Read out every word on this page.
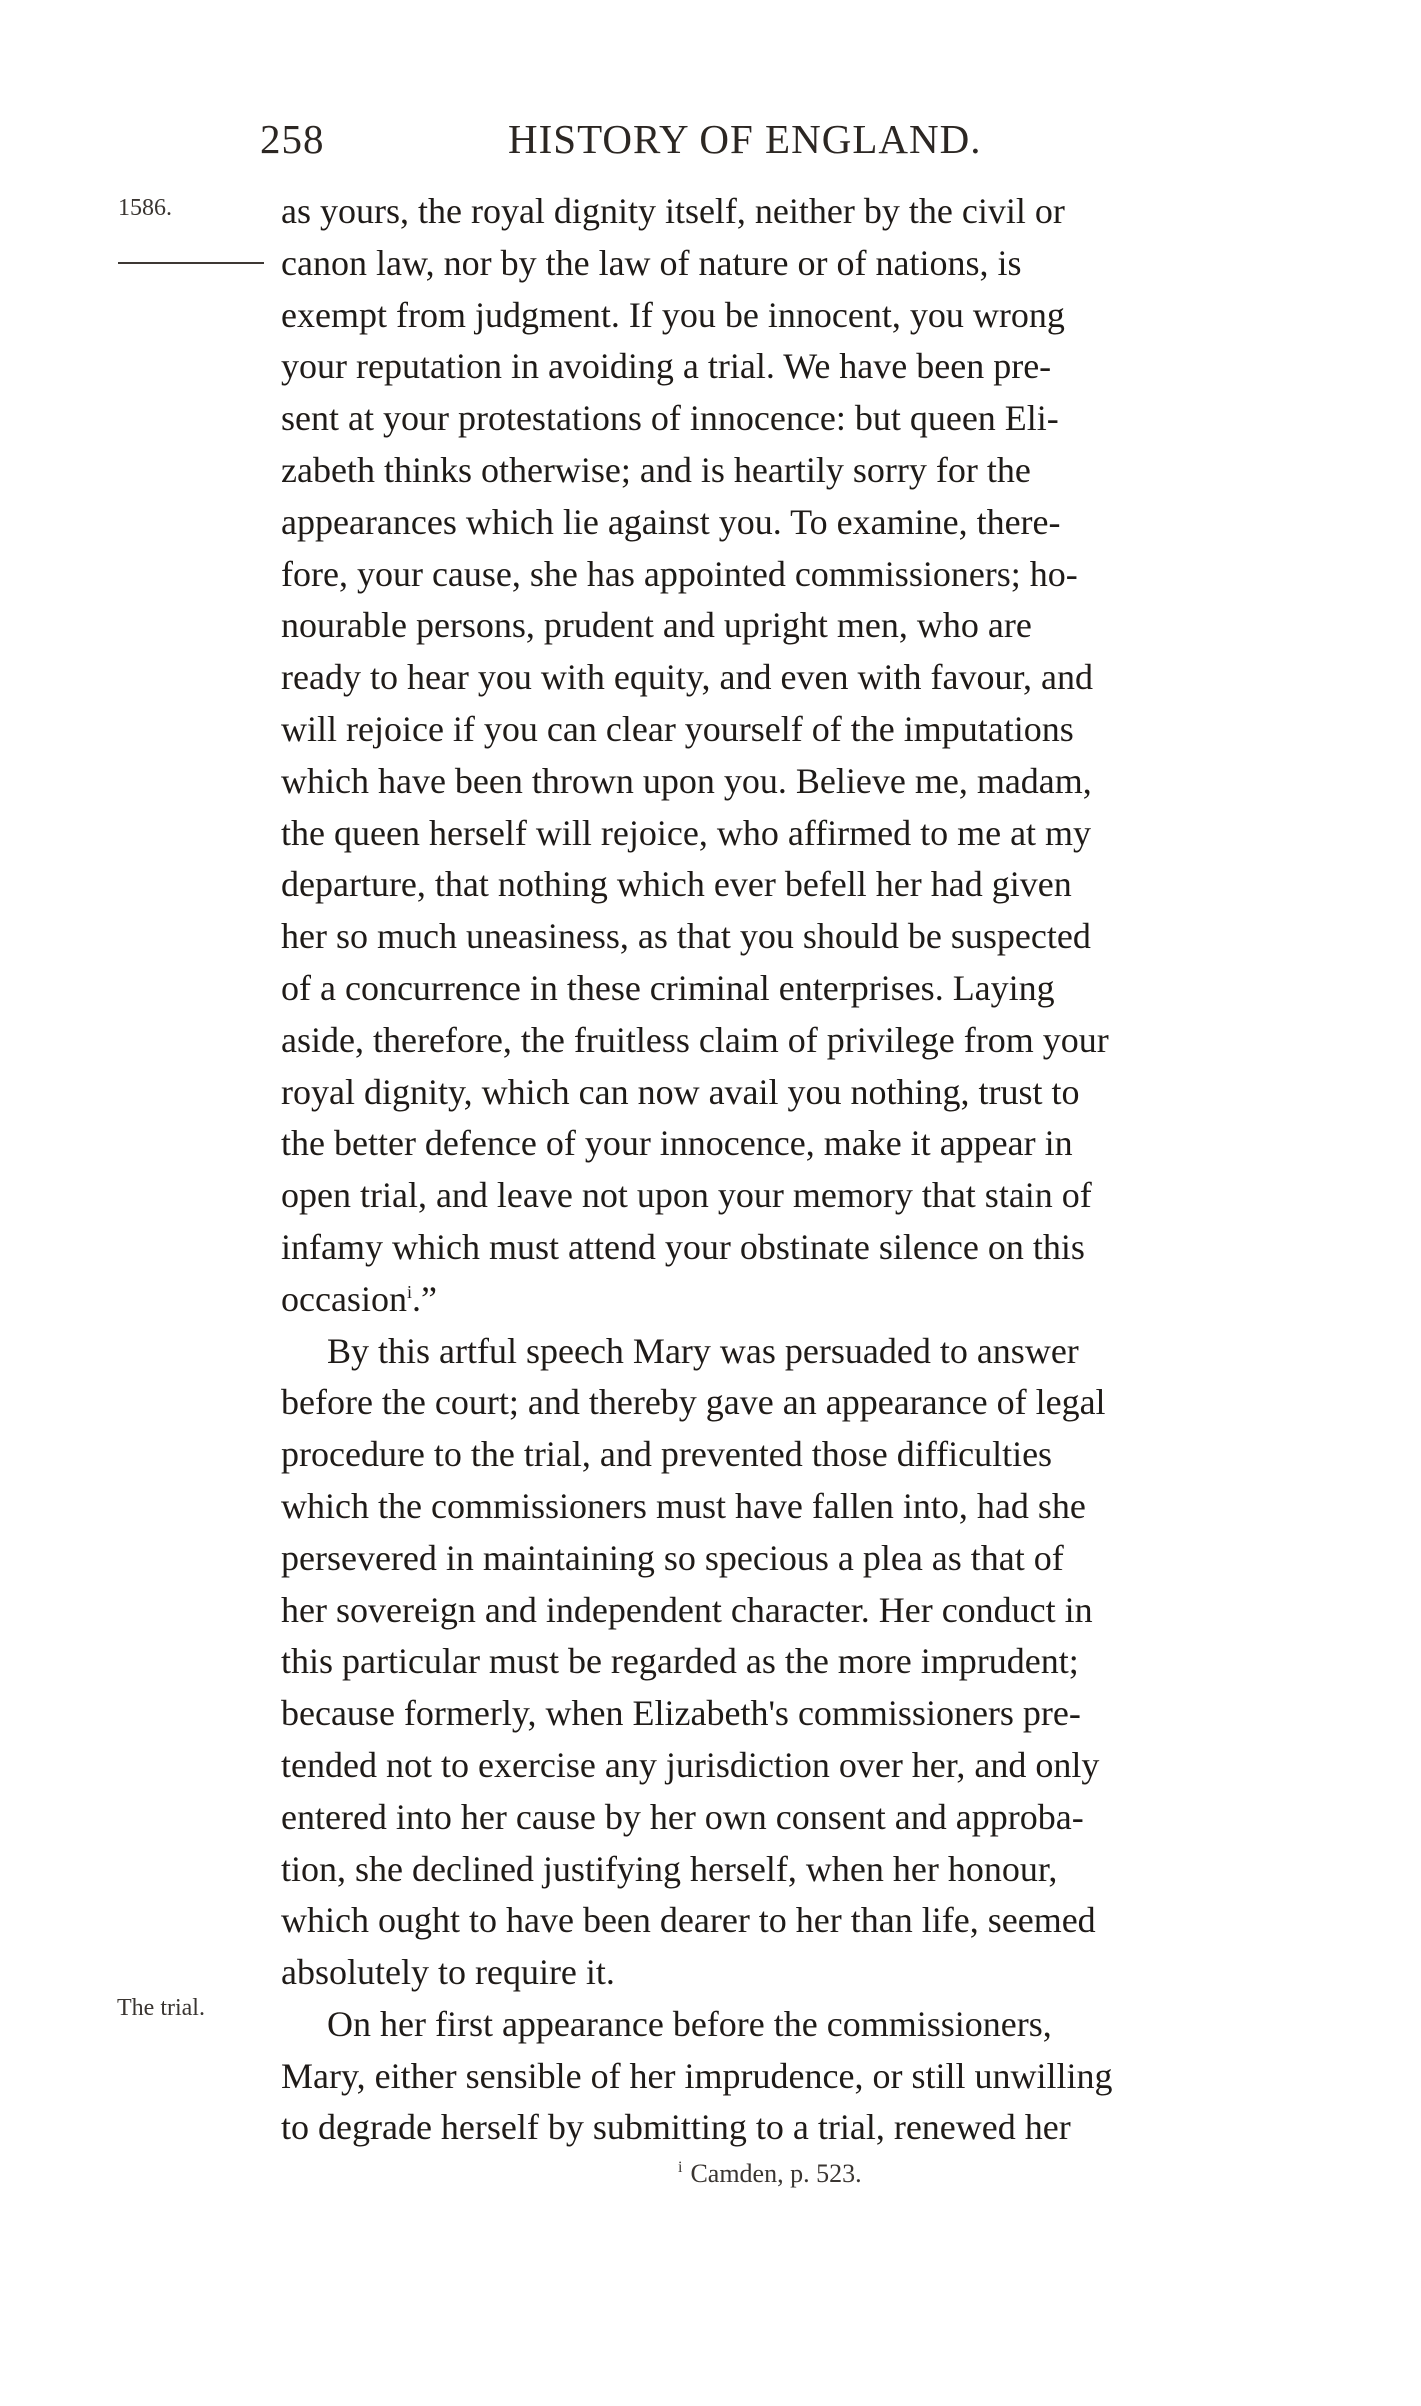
258	HISTORY OF ENGLAND.
1586.
The trial.
as yours, the royal dignity itself, neither by the civil or
canon law, nor by the law of nature or of nations, is
exempt from judgment. If you be innocent, you wrong
your reputation in avoiding a trial. We have been pre-
sent at your protestations of innocence: but queen Eli-
zabeth thinks otherwise; and is heartily sorry for the
appearances which lie against you. To examine, there-
fore, your cause, she has appointed commissioners; ho-
nourable persons, prudent and upright men, who are
ready to hear you with equity, and even with favour, and
will rejoice if you can clear yourself of the imputations
which have been thrown upon you. Believe me, madam,
the queen herself will rejoice, who affirmed to me at my
departure, that nothing which ever befell her had given
her so much uneasiness, as that you should be suspected
of a concurrence in these criminal enterprises. Laying
aside, therefore, the fruitless claim of privilege from your
royal dignity, which can now avail you nothing, trust to
the better defence of your innocence, make it appear in
open trial, and leave not upon your memory that stain of
infamy which must attend your obstinate silence on this
occasion$^i$.”
By this artful speech Mary was persuaded to answer
before the court; and thereby gave an appearance of legal
procedure to the trial, and prevented those difficulties
which the commissioners must have fallen into, had she
persevered in maintaining so specious a plea as that of
her sovereign and independent character. Her conduct in
this particular must be regarded as the more imprudent;
because formerly, when Elizabeth's commissioners pre-
tended not to exercise any jurisdiction over her, and only
entered into her cause by her own consent and approba-
tion, she declined justifying herself, when her honour,
which ought to have been dearer to her than life, seemed
absolutely to require it.
On her first appearance before the commissioners,
Mary, either sensible of her imprudence, or still unwilling
to degrade herself by submitting to a trial, renewed her
$^i$ Camden, p. 523.
